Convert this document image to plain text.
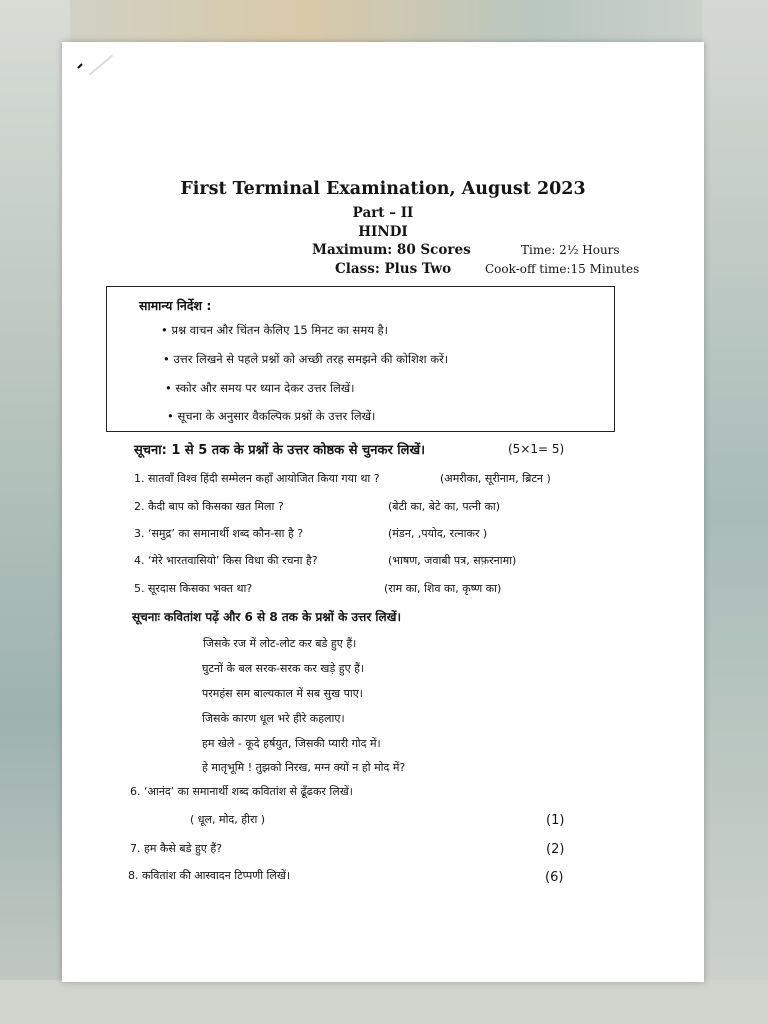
First Terminal Examination, August 2023
Part – II
HINDI
Maximum: 80 Scores	Time: 2½ Hours
Class: Plus Two	Cook-off time:15 Minutes
सामान्य निर्देश :
• प्रश्न वाचन और चिंतन केलिए 15 मिनट का समय है।
• उत्तर लिखने से पहले प्रश्नों को अच्छी तरह समझने की कोशिश करें।
• स्कोर और समय पर ध्यान देकर उत्तर लिखें।
• सूचना के अनुसार वैकल्पिक प्रश्नों के उत्तर लिखें।
सूचना: 1 से 5 तक के प्रश्नों के उत्तर कोष्ठक से चुनकर लिखें।	(5×1= 5)
1. सातवाँ विश्व हिंदी सम्मेलन कहाँ आयोजित किया गया था ?	(अमरीका, सूरीनाम, ब्रिटन )
2. कैदी बाप को किसका खत मिला ?	(बेटी का, बेटे का, पत्नी का)
3. ‘समुद्र’ का समानार्थी शब्द कौन-सा है ?	(मंडन, ,पयोद, रत्नाकर )
4. ‘मेरे भारतवासियो’ किस विधा की रचना है?	(भाषण, जवाबी पत्र, सफ़रनामा)
5. सूरदास किसका भक्त था?	(राम का, शिव का, कृष्ण का)
सूचनाः कवितांश पढ़ें और 6 से 8 तक के प्रश्नों के उत्तर लिखें।
जिसके रज में लोट-लोट कर बडे हुए हैं।
घुटनों के बल सरक-सरक कर खड़े हुए हैं।
परमहंस सम बाल्यकाल में सब सुख पाए।
जिसके कारण धूल भरे हीरे कहलाए।
हम खेले - कूदे हर्षयुत, जिसकी प्यारी गोद में।
हे मातृभूमि ! तुझको निरख, मग्न क्यों न हो मोद में?
6. ‘आनंद’ का समानार्थी शब्द कवितांश से ढूँढकर लिखें।
( धूल, मोद, हीरा )	(1)
7. हम कैसे बडे हुए हैं?	(2)
8. कवितांश की आस्वादन टिप्पणी लिखें।	(6)
